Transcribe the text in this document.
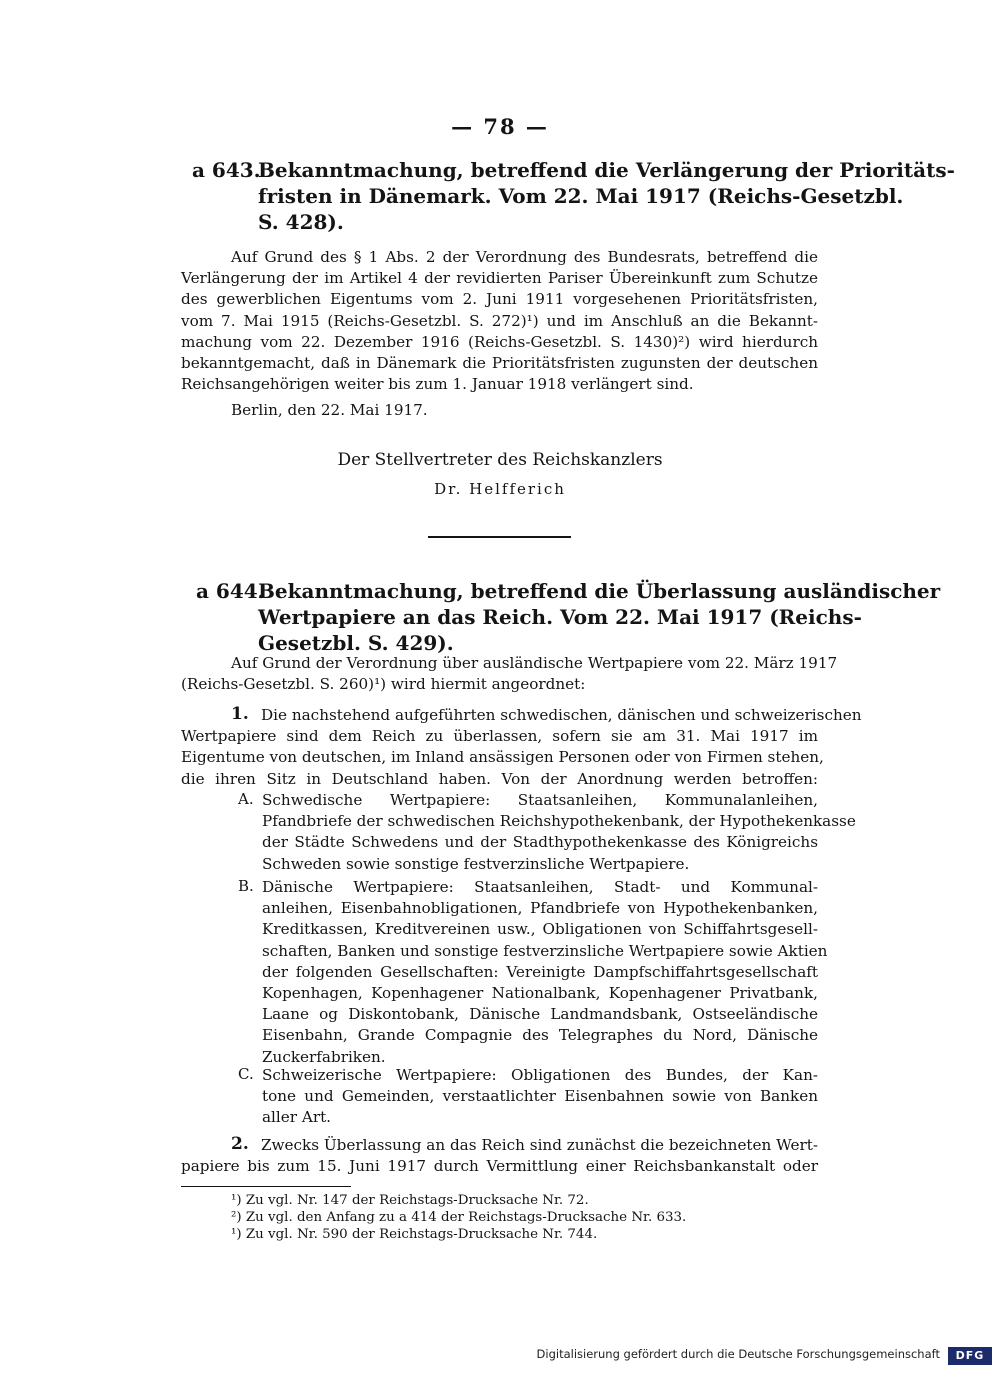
— 78 —
a 643.
Bekanntmachung, betreffend die Verlängerung der Prioritäts-
fristen in Dänemark. Vom 22. Mai 1917 (Reichs-Gesetzbl.
S. 428).
Auf Grund des § 1 Abs. 2 der Verordnung des Bundesrats, betreffend die
Verlängerung der im Artikel 4 der revidierten Pariser Übereinkunft zum Schutze
des gewerblichen Eigentums vom 2. Juni 1911 vorgesehenen Prioritätsfristen,
vom 7. Mai 1915 (Reichs-Gesetzbl. S. 272)¹) und im Anschluß an die Bekannt-
machung vom 22. Dezember 1916 (Reichs-Gesetzbl. S. 1430)²) wird hierdurch
bekanntgemacht, daß in Dänemark die Prioritätsfristen zugunsten der deutschen
Reichsangehörigen weiter bis zum 1. Januar 1918 verlängert sind.
Berlin, den 22. Mai 1917.
Der Stellvertreter des Reichskanzlers
Dr. Helfferich
a 644.
Bekanntmachung, betreffend die Überlassung ausländischer
Wertpapiere an das Reich. Vom 22. Mai 1917 (Reichs-
Gesetzbl. S. 429).
Auf Grund der Verordnung über ausländische Wertpapiere vom 22. März 1917
(Reichs-Gesetzbl. S. 260)¹) wird hiermit angeordnet:
1. Die nachstehend aufgeführten schwedischen, dänischen und schweizerischen
Wertpapiere sind dem Reich zu überlassen, sofern sie am 31. Mai 1917 im
Eigentume von deutschen, im Inland ansässigen Personen oder von Firmen stehen,
die ihren Sitz in Deutschland haben. Von der Anordnung werden betroffen:
A. Schwedische Wertpapiere: Staatsanleihen, Kommunalanleihen,
Pfandbriefe der schwedischen Reichshypothekenbank, der Hypothekenkasse
der Städte Schwedens und der Stadthypothekenkasse des Königreichs
Schweden sowie sonstige festverzinsliche Wertpapiere.
B. Dänische Wertpapiere: Staatsanleihen, Stadt- und Kommunal-
anleihen, Eisenbahnobligationen, Pfandbriefe von Hypothekenbanken,
Kreditkassen, Kreditvereinen usw., Obligationen von Schiffahrtsgesell-
schaften, Banken und sonstige festverzinsliche Wertpapiere sowie Aktien
der folgenden Gesellschaften: Vereinigte Dampfschiffahrtsgesellschaft
Kopenhagen, Kopenhagener Nationalbank, Kopenhagener Privatbank,
Laane og Diskontobank, Dänische Landmandsbank, Ostseeländische
Eisenbahn, Grande Compagnie des Telegraphes du Nord, Dänische
Zuckerfabriken.
C. Schweizerische Wertpapiere: Obligationen des Bundes, der Kan-
tone und Gemeinden, verstaatlichter Eisenbahnen sowie von Banken
aller Art.
2. Zwecks Überlassung an das Reich sind zunächst die bezeichneten Wert-
papiere bis zum 15. Juni 1917 durch Vermittlung einer Reichsbankanstalt oder
¹) Zu vgl. Nr. 147 der Reichstags-Drucksache Nr. 72.
²) Zu vgl. den Anfang zu a 414 der Reichstags-Drucksache Nr. 633.
¹) Zu vgl. Nr. 590 der Reichstags-Drucksache Nr. 744.
Digitalisierung gefördert durch die Deutsche Forschungsgemeinschaft	DFG
